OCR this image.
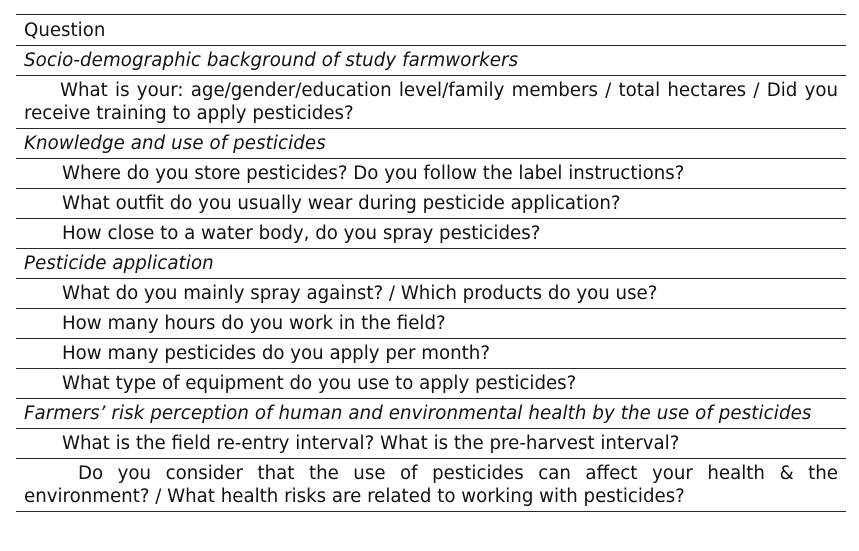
Question
Socio-demographic background of study farmworkers
What is your: age/gender/education level/family members / total hectares / Did you receive training to apply pesticides?
Knowledge and use of pesticides
Where do you store pesticides? Do you follow the label instructions?
What outfit do you usually wear during pesticide application?
How close to a water body, do you spray pesticides?
Pesticide application
What do you mainly spray against? / Which products do you use?
How many hours do you work in the field?
How many pesticides do you apply per month?
What type of equipment do you use to apply pesticides?
Farmers’ risk perception of human and environmental health by the use of pesticides
What is the field re-entry interval? What is the pre-harvest interval?
Do you consider that the use of pesticides can affect your health & the environment? / What health risks are related to working with pesticides?
